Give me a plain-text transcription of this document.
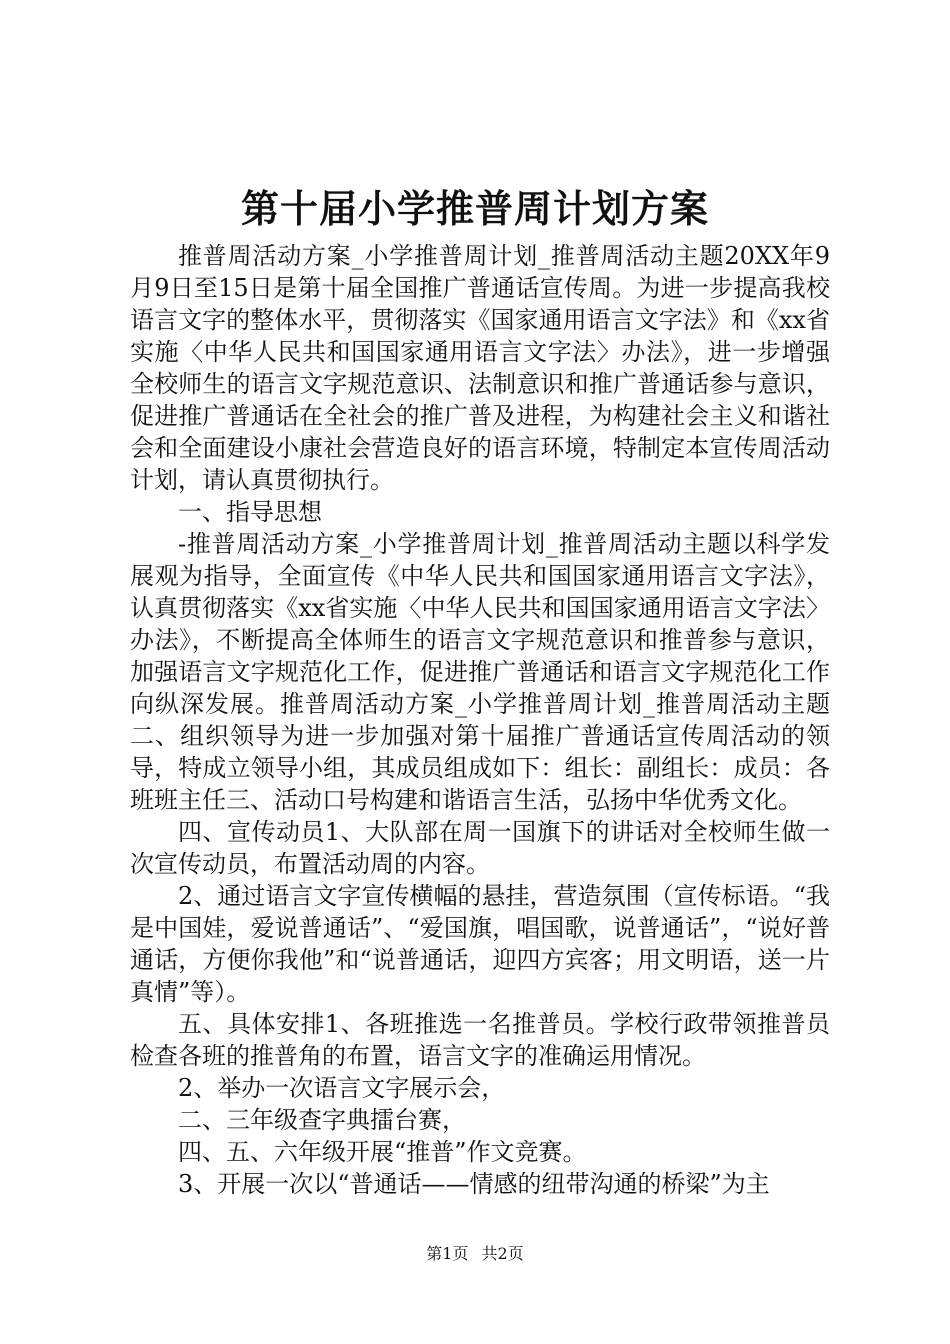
第十届小学推普周计划方案

推普周活动方案_小学推普周计划_推普周活动主题20XX年9月9日至15日是第十届全国推广普通话宣传周。为进一步提高我校语言文字的整体水平，贯彻落实《国家通用语言文字法》和《xx省实施〈中华人民共和国国家通用语言文字法〉办法》，进一步增强全校师生的语言文字规范意识、法制意识和推广普通话参与意识，促进推广普通话在全社会的推广普及进程，为构建社会主义和谐社会和全面建设小康社会营造良好的语言环境，特制定本宣传周活动计划，请认真贯彻执行。

一、指导思想

-推普周活动方案_小学推普周计划_推普周活动主题以科学发展观为指导，全面宣传《中华人民共和国国家通用语言文字法》，认真贯彻落实《xx省实施〈中华人民共和国国家通用语言文字法〉办法》，不断提高全体师生的语言文字规范意识和推普参与意识，加强语言文字规范化工作，促进推广普通话和语言文字规范化工作向纵深发展。推普周活动方案_小学推普周计划_推普周活动主题二、组织领导为进一步加强对第十届推广普通话宣传周活动的领导，特成立领导小组，其成员组成如下：组长：副组长：成员：各班班主任三、活动口号构建和谐语言生活，弘扬中华优秀文化。

四、宣传动员1、大队部在周一国旗下的讲话对全校师生做一次宣传动员，布置活动周的内容。

2、通过语言文字宣传横幅的悬挂，营造氛围（宣传标语。“我是中国娃，爱说普通话”、“爱国旗，唱国歌，说普通话”，“说好普通话，方便你我他”和“说普通话，迎四方宾客；用文明语，送一片真情”等）。

五、具体安排1、各班推选一名推普员。学校行政带领推普员检查各班的推普角的布置，语言文字的准确运用情况。

2、举办一次语言文字展示会，

二、三年级查字典擂台赛，

四、五、六年级开展“推普”作文竞赛。

3、开展一次以“普通话——情感的纽带沟通的桥梁”为主

第1页 共2页
